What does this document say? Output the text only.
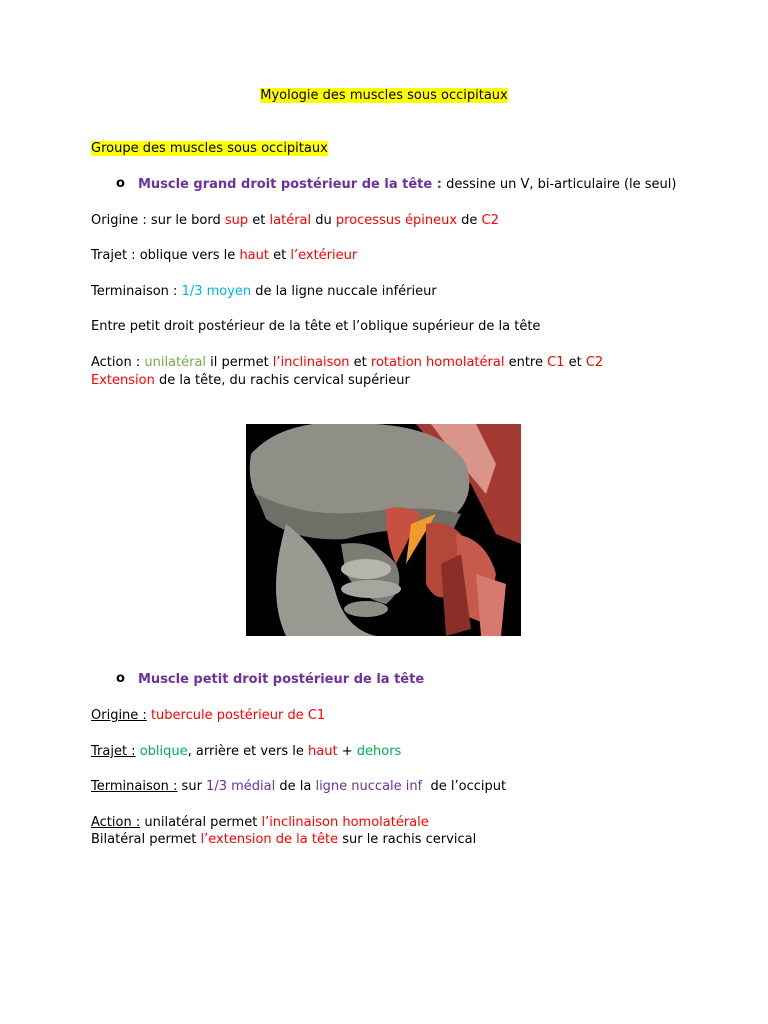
Myologie des muscles sous occipitaux
Groupe des muscles sous occipitaux
o Muscle grand droit postérieur de la tête : dessine un V, bi-articulaire (le seul)
Origine : sur le bord sup et latéral du processus épineux de C2
Trajet : oblique vers le haut et l’extérieur
Terminaison : 1/3 moyen de la ligne nuccale inférieur
Entre petit droit postérieur de la tête et l’oblique supérieur de la tête
Action : unilatéral il permet l’inclinaison et rotation homolatéral entre C1 et C2
Extension de la tête, du rachis cervical supérieur
o Muscle petit droit postérieur de la tête
Origine : tubercule postérieur de C1
Trajet : oblique, arrière et vers le haut + dehors
Terminaison : sur 1/3 médial de la ligne nuccale inf  de l’occiput
Action : unilatéral permet l’inclinaison homolatérale
Bilatéral permet l’extension de la tête sur le rachis cervical
